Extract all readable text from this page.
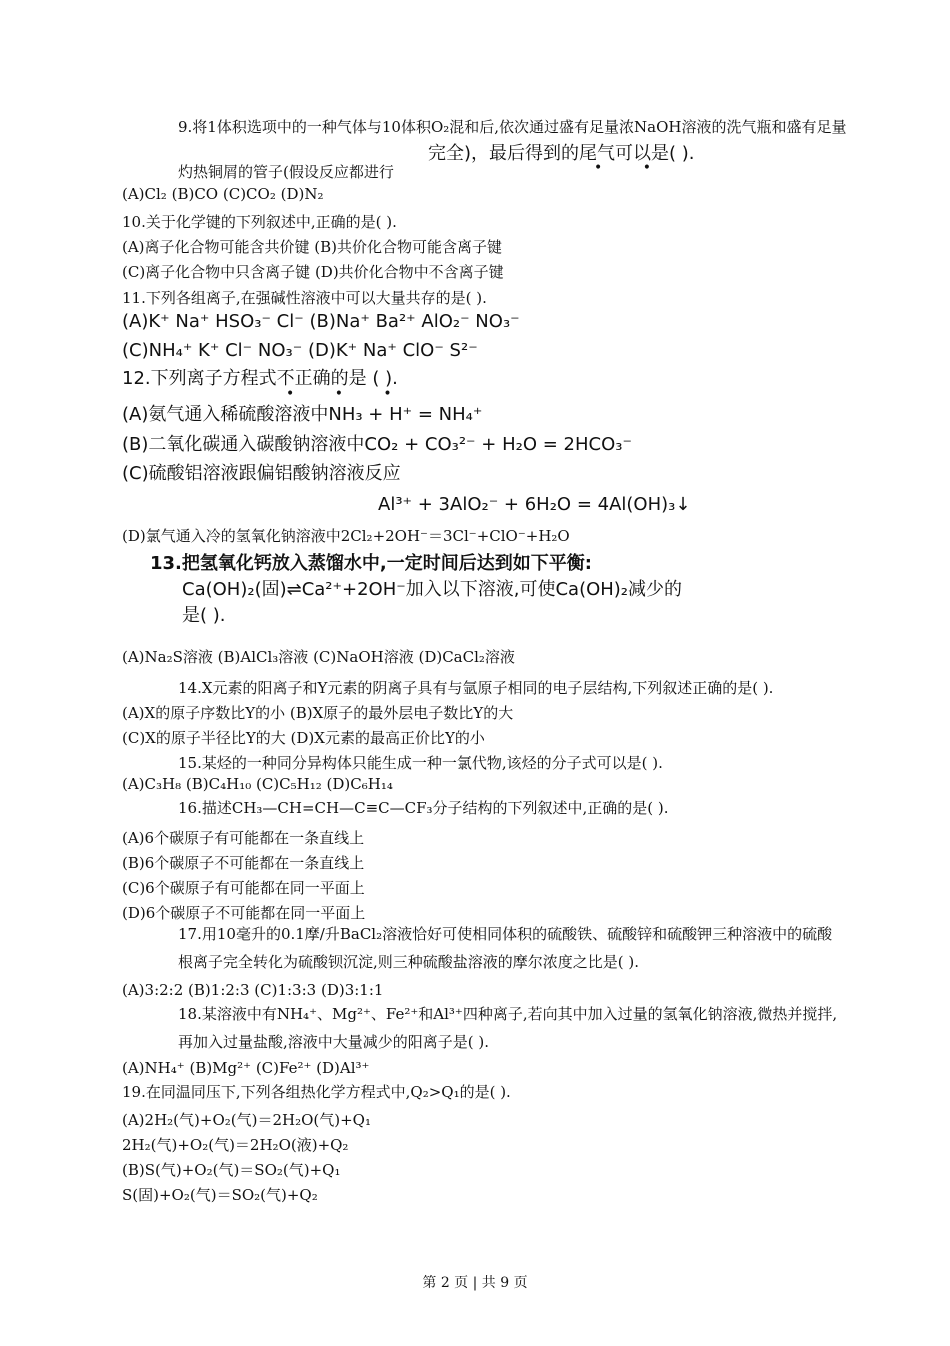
9.将1体积选项中的一种气体与10体积O₂混和后,依次通过盛有足量浓NaOH溶液的洗气瓶和盛有足量
完全)，最后得到的尾气可以是( ).
• •
灼热铜屑的管子(假设反应都进行
(A)Cl₂ (B)CO (C)CO₂ (D)N₂
10.关于化学键的下列叙述中,正确的是( ).
(A)离子化合物可能含共价键 (B)共价化合物可能含离子键
(C)离子化合物中只含离子键 (D)共价化合物中不含离子键
11.下列各组离子,在强碱性溶液中可以大量共存的是( ).
(A)K⁺ Na⁺ HSO₃⁻ Cl⁻ (B)Na⁺ Ba²⁺ AlO₂⁻ NO₃⁻
(C)NH₄⁺ K⁺ Cl⁻ NO₃⁻ (D)K⁺ Na⁺ ClO⁻ S²⁻
12.下列离子方程式不正确的是 ( ).
• • •
(A)氨气通入稀硫酸溶液中NH₃ + H⁺ = NH₄⁺
(B)二氧化碳通入碳酸钠溶液中CO₂ + CO₃²⁻ + H₂O = 2HCO₃⁻
(C)硫酸铝溶液跟偏铝酸钠溶液反应
Al³⁺ + 3AlO₂⁻ + 6H₂O = 4Al(OH)₃↓
(D)氯气通入冷的氢氧化钠溶液中2Cl₂+2OH⁻＝3Cl⁻+ClO⁻+H₂O
13.把氢氧化钙放入蒸馏水中,一定时间后达到如下平衡:
Ca(OH)₂(固)⇌Ca²⁺+2OH⁻加入以下溶液,可使Ca(OH)₂减少的
是( ).
(A)Na₂S溶液 (B)AlCl₃溶液 (C)NaOH溶液 (D)CaCl₂溶液
14.X元素的阳离子和Y元素的阴离子具有与氩原子相同的电子层结构,下列叙述正确的是( ).
(A)X的原子序数比Y的小 (B)X原子的最外层电子数比Y的大
(C)X的原子半径比Y的大 (D)X元素的最高正价比Y的小
15.某烃的一种同分异构体只能生成一种一氯代物,该烃的分子式可以是( ).
(A)C₃H₈ (B)C₄H₁₀ (C)C₅H₁₂ (D)C₆H₁₄
16.描述CH₃—CH=CH—C≡C—CF₃分子结构的下列叙述中,正确的是( ).
(A)6个碳原子有可能都在一条直线上
(B)6个碳原子不可能都在一条直线上
(C)6个碳原子有可能都在同一平面上
(D)6个碳原子不可能都在同一平面上
17.用10毫升的0.1摩/升BaCl₂溶液恰好可使相同体积的硫酸铁、硫酸锌和硫酸钾三种溶液中的硫酸
根离子完全转化为硫酸钡沉淀,则三种硫酸盐溶液的摩尔浓度之比是( ).
(A)3:2:2 (B)1:2:3 (C)1:3:3 (D)3:1:1
18.某溶液中有NH₄⁺、Mg²⁺、Fe²⁺和Al³⁺四种离子,若向其中加入过量的氢氧化钠溶液,微热并搅拌,
再加入过量盐酸,溶液中大量减少的阳离子是( ).
(A)NH₄⁺ (B)Mg²⁺ (C)Fe²⁺ (D)Al³⁺
19.在同温同压下,下列各组热化学方程式中,Q₂>Q₁的是( ).
(A)2H₂(气)+O₂(气)＝2H₂O(气)+Q₁
2H₂(气)+O₂(气)＝2H₂O(液)+Q₂
(B)S(气)+O₂(气)＝SO₂(气)+Q₁
S(固)+O₂(气)＝SO₂(气)+Q₂
第 2 页 | 共 9 页
